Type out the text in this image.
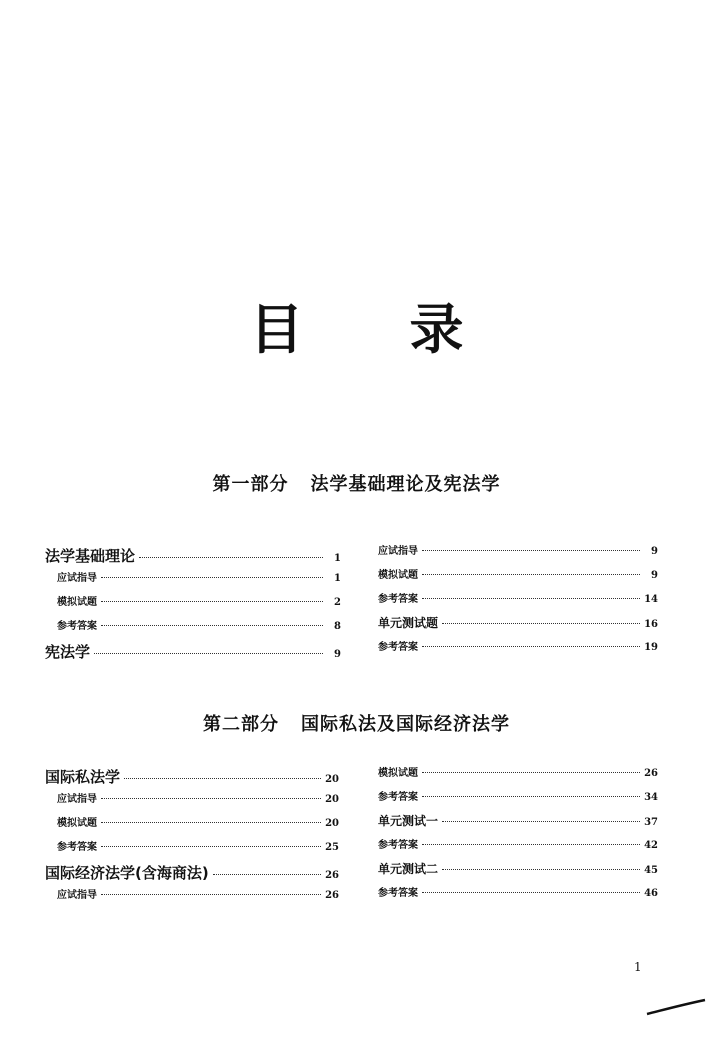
目 录
第一部分 法学基础理论及宪法学
法学基础理论	1
应试指导	1
模拟试题	2
参考答案	8
宪法学	9
应试指导	9
模拟试题	9
参考答案	14
单元测试题	16
参考答案	19
第二部分 国际私法及国际经济法学
国际私法学	20
应试指导	20
模拟试题	20
参考答案	25
国际经济法学(含海商法)	26
应试指导	26
模拟试题	26
参考答案	34
单元测试一	37
参考答案	42
单元测试二	45
参考答案	46
1
